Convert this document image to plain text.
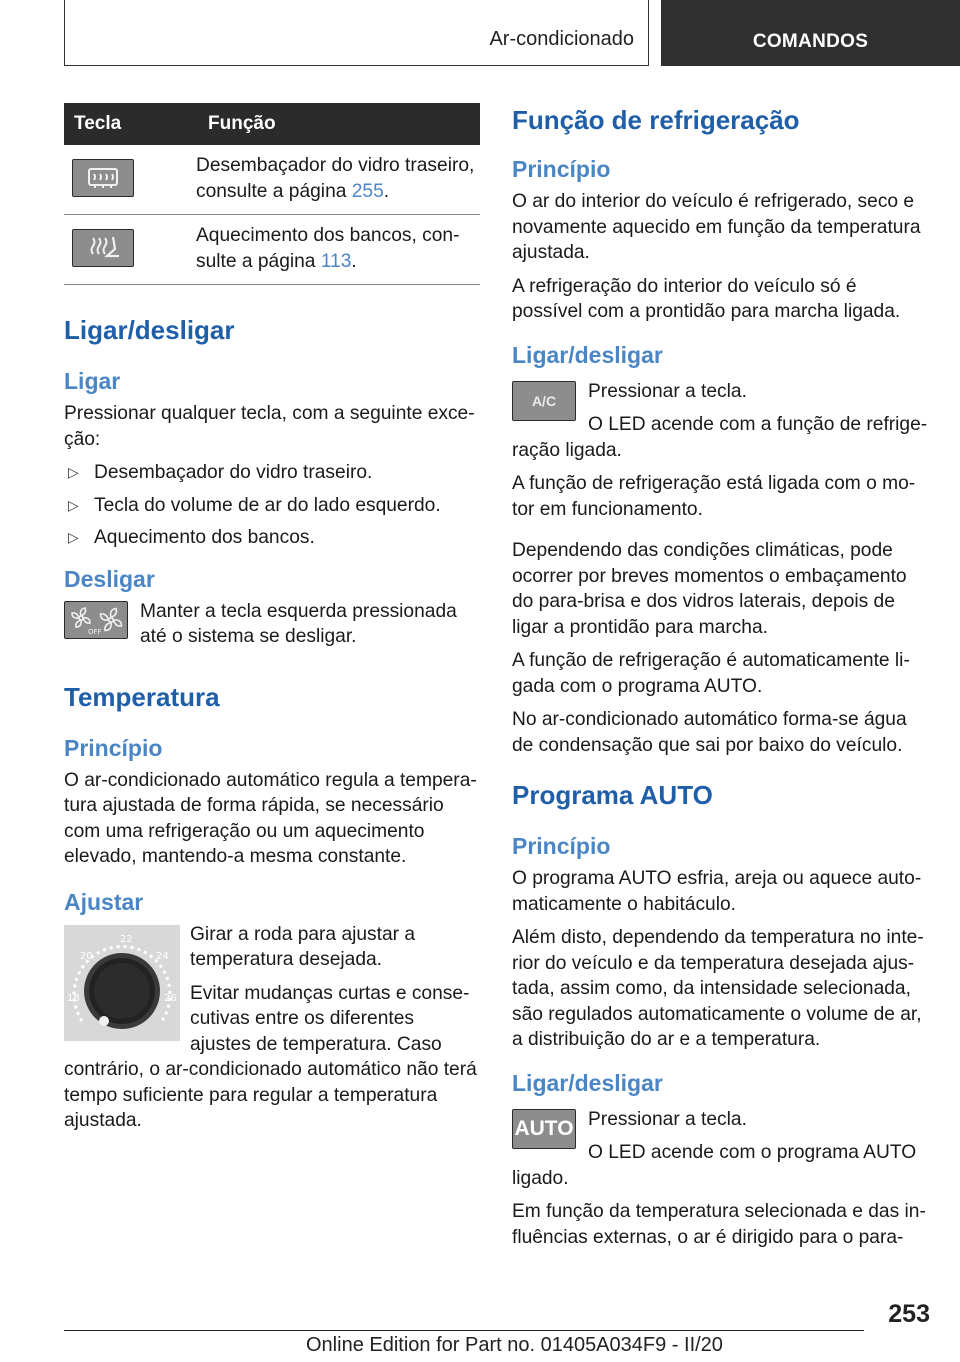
Ar-condicionado	COMANDOS
Tecla	Função

	Desembaçador do vidro traseiro, consulte a página 255.

	Aquecimento dos bancos, consulte a página 113.
Ligar/desligar
Ligar

Pressionar qualquer tecla, com a seguinte exceção:

▷ Desembaçador do vidro traseiro.
▷ Tecla do volume de ar do lado esquerdo.
▷ Aquecimento dos bancos.
Desligar
OFF

Manter a tecla esquerda pressionada até o sistema se desligar.

Temperatura
Princípio

O ar-condicionado automático regula a temperatura ajustada de forma rápida, se necessário com uma refrigeração ou um aquecimento elevado, mantendo-a mesma constante.

Ajustar
22
20	24
18	26

Girar a roda para ajustar a temperatura desejada.

Evitar mudanças curtas e consecutivas entre os diferentes ajustes de temperatura. Caso contrário, o ar-condicionado automático não terá tempo suficiente para regular a temperatura ajustada.

Função de refrigeração
Princípio

O ar do interior do veículo é refrigerado, seco e novamente aquecido em função da temperatura ajustada.

A refrigeração do interior do veículo só é possível com a prontidão para marcha ligada.

Ligar/desligar
A/C	Pressionar a tecla.

O LED acende com a função de refrigeração ligada.

A função de refrigeração está ligada com o motor em funcionamento.

Dependendo das condições climáticas, pode ocorrer por breves momentos o embaçamento do para-brisa e dos vidros laterais, depois de ligar a prontidão para marcha.

A função de refrigeração é automaticamente ligada com o programa AUTO.

No ar-condicionado automático forma-se água de condensação que sai por baixo do veículo.

Programa AUTO
Princípio

O programa AUTO esfria, areja ou aquece automaticamente o habitáculo.

Além disto, dependendo da temperatura no interior do veículo e da temperatura desejada ajustada, assim como, da intensidade selecionada, são regulados automaticamente o volume de ar, a distribuição do ar e a temperatura.

Ligar/desligar
AUTO Pressionar a tecla.

O LED acende com o programa AUTO ligado.

Em função da temperatura selecionada e das influências externas, o ar é dirigido para o para-

253
Online Edition for Part no. 01405A034F9 - II/20
